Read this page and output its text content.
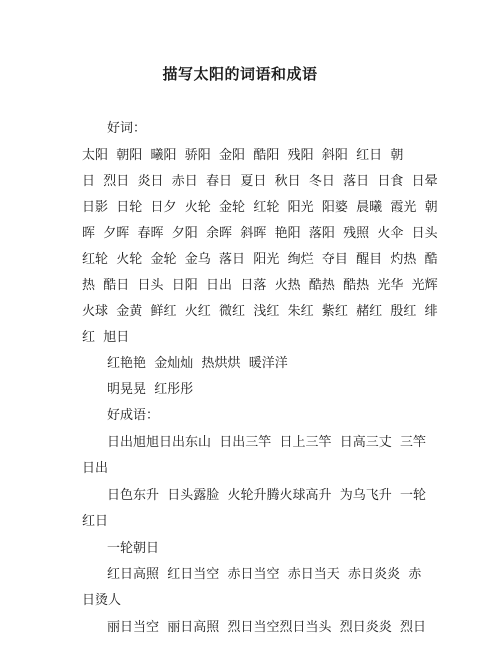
描写太阳的词语和成语
好词：
太阳  朝阳  曦阳  骄阳  金阳  酷阳  残阳  斜阳  红日  朝
日  烈日  炎日  赤日  春日  夏日  秋日  冬日  落日  日食  日晕
日影  日轮  日夕  火轮  金轮  红轮  阳光  阳婆  晨曦  霞光  朝
晖  夕晖  春晖  夕阳  余晖  斜晖  艳阳  落阳  残照  火伞  日头
红轮  火轮  金轮  金乌  落日  阳光  绚烂  夺目  醒目  灼热  酷
热  酷日  日头  日阳  日出  日落  火热  酷热  酷热  光华  光辉
火球  金黄  鲜红  火红  微红  浅红  朱红  紫红  赭红  殷红  绯
红  旭日
红艳艳  金灿灿  热烘烘  暖洋洋
明晃晃  红彤彤
好成语：
日出旭旭日出东山  日出三竿  日上三竿  日高三丈  三竿
日出
日色东升  日头露脸  火轮升腾火球高升  为乌飞升  一轮
红日
一轮朝日
红日高照  红日当空  赤日当空  赤日当天  赤日炎炎  赤
日烫人
丽日当空  丽日高照  烈日当空烈日当头  烈日炎炎  烈日
